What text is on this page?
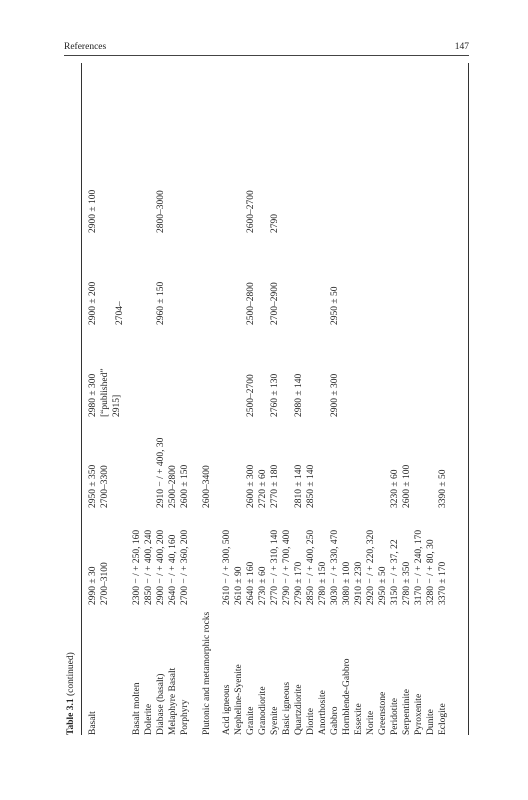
References	147
Table 3.1 (continued)
Basalt
2990 ± 30
2950 ± 350
2980 ± 300
2900 ± 200
2900 ± 100
2700–3100
2700–3300
[“published”
2704–
2915]
Basalt molten
2300 − / + 250, 160
Dolerite
2850 − / + 400, 240
Diabase (basalt)
2900 − / + 400, 200
2910 − / + 400, 30
2960 ± 150
2800–3000
Melaphyre Basalt
2640 − / + 40, 160
2500–2800
Porphyry
2700 − / + 360, 200
2600 ± 150
Plutonic and metamorphic rocks
2600–3400
Acid igneous
2610 − / + 300, 500
Nepheline-Syenite
2610 ± 90
Granite
2640 ± 160
2600 ± 300
2500–2700
2500–2800
2600–2700
Granodiorite
2730 ± 60
2720 ± 60
Syenite
2770 − / + 310, 140
2770 ± 180
2760 ± 130
2700–2900
2790
Basic igneous
2790 − / + 700, 400
Quartzdiorite
2790 ± 170
2810 ± 140
2980 ± 140
Diorite
2850 − / + 400, 250
2850 ± 140
Anorthosite
2780 ± 150
Gabbro
3030 − / + 330, 470
2900 ± 300
2950 ± 50
Hornblende-Gabbro
3080 ± 100
Essexite
2910 ± 230
Norite
2920 − / + 220, 320
Greenstone
2950 ± 50
Peridotite
3150 − / + 37, 22
3230 ± 60
Serpentinite
2780 ± 350
2600 ± 100
Pyroxenite
3170 − / + 240, 170
Dunite
3280 − / + 80, 30
Eclogite
3370 ± 170
3390 ± 50
